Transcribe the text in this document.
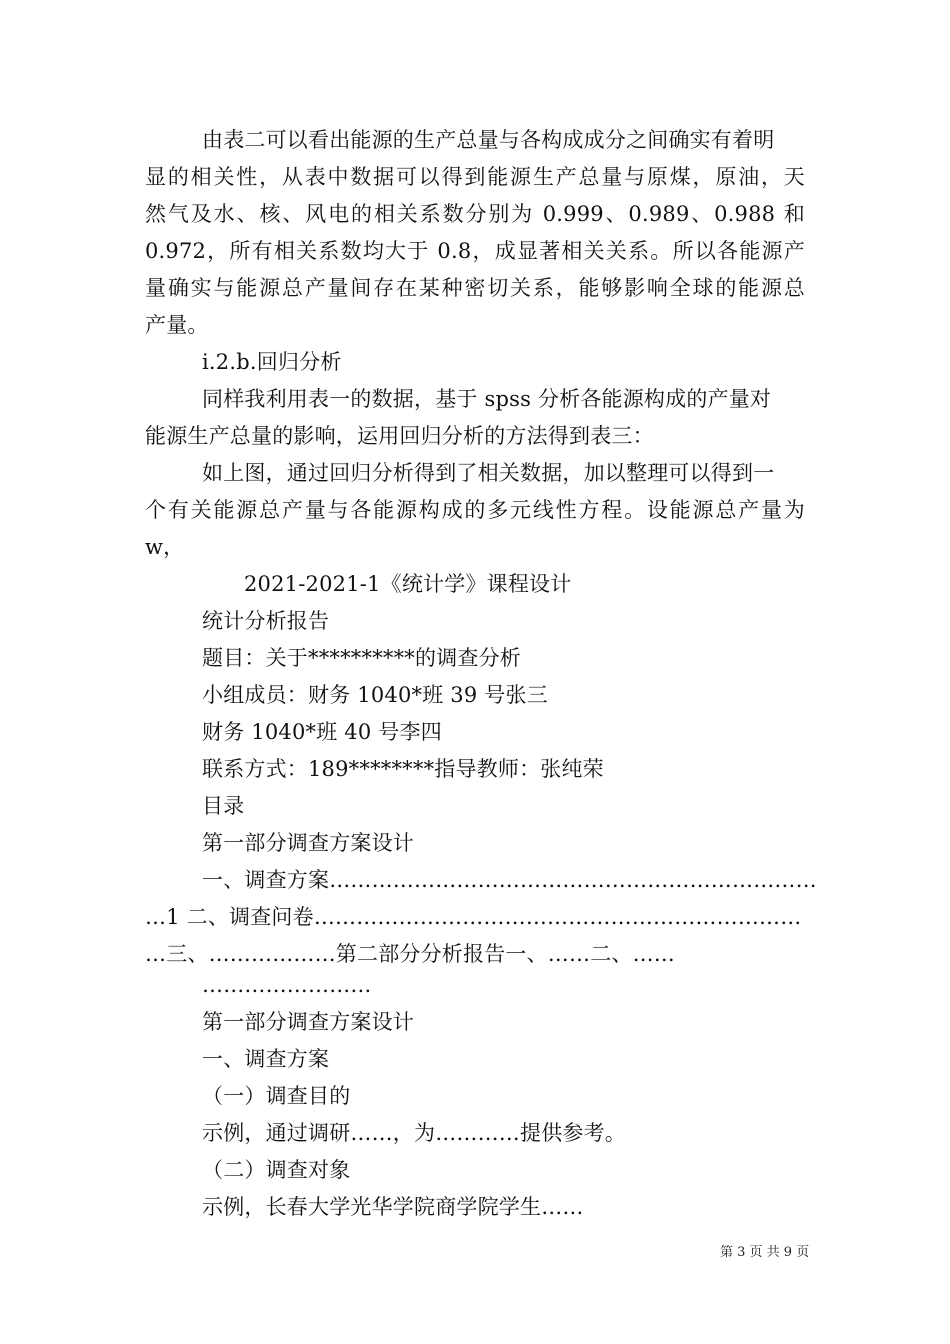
由表二可以看出能源的生产总量与各构成成分之间确实有着明
显的相关性，从表中数据可以得到能源生产总量与原煤，原油，天
然气及水、核、风电的相关系数分别为 0.999、0.989、0.988 和
0.972，所有相关系数均大于 0.8，成显著相关关系。所以各能源产
量确实与能源总产量间存在某种密切关系，能够影响全球的能源总
产量。
i.2.b.回归分析
同样我利用表一的数据，基于 spss 分析各能源构成的产量对
能源生产总量的影响，运用回归分析的方法得到表三：
如上图，通过回归分析得到了相关数据，加以整理可以得到一
个有关能源总产量与各能源构成的多元线性方程。设能源总产量为
w，
2021-2021-1《统计学》课程设计
统计分析报告
题目：关于**********的调查分析
小组成员：财务 1040*班 39 号张三
财务 1040*班 40 号李四
联系方式：189********指导教师：张纯荣
目录
第一部分调查方案设计
一、调查方案……………………………………………………………
…1 二、调查问卷……………………………………………………………
…三、………………第二部分分析报告一、……二、……
……………………
第一部分调查方案设计
一、调查方案
（一）调查目的
示例，通过调研……，为…………提供参考。
（二）调查对象
示例，长春大学光华学院商学院学生……
第 3 页 共 9 页
